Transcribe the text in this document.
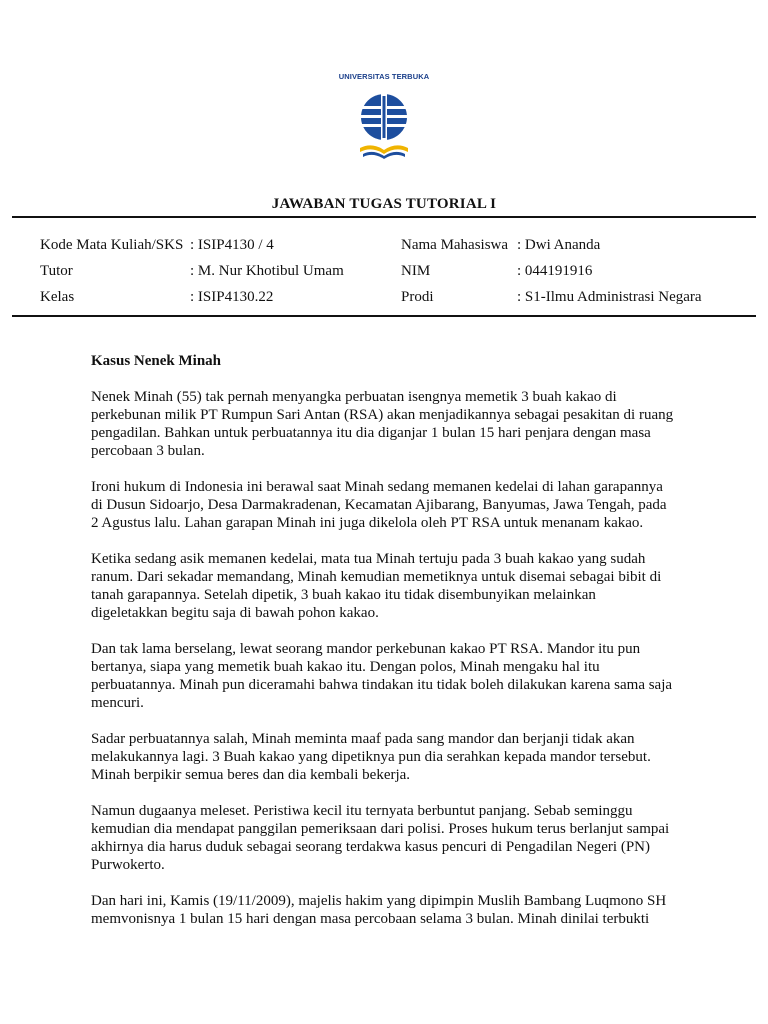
UNIVERSITAS TERBUKA
JAWABAN TUGAS TUTORIAL I
Kode Mata Kuliah/SKS
Tutor
Kelas
: ISIP4130 / 4
: M. Nur Khotibul Umam
: ISIP4130.22
Nama Mahasiswa
NIM
Prodi
: Dwi Ananda
: 044191916
: S1-Ilmu Administrasi Negara
Kasus Nenek Minah

Nenek Minah (55) tak pernah menyangka perbuatan isengnya memetik 3 buah kakao di
perkebunan milik PT Rumpun Sari Antan (RSA) akan menjadikannya sebagai pesakitan di ruang
pengadilan. Bahkan untuk perbuatannya itu dia diganjar 1 bulan 15 hari penjara dengan masa
percobaan 3 bulan.

Ironi hukum di Indonesia ini berawal saat Minah sedang memanen kedelai di lahan garapannya
di Dusun Sidoarjo, Desa Darmakradenan, Kecamatan Ajibarang, Banyumas, Jawa Tengah, pada
2 Agustus lalu. Lahan garapan Minah ini juga dikelola oleh PT RSA untuk menanam kakao.

Ketika sedang asik memanen kedelai, mata tua Minah tertuju pada 3 buah kakao yang sudah
ranum. Dari sekadar memandang, Minah kemudian memetiknya untuk disemai sebagai bibit di
tanah garapannya. Setelah dipetik, 3 buah kakao itu tidak disembunyikan melainkan
digeletakkan begitu saja di bawah pohon kakao.

Dan tak lama berselang, lewat seorang mandor perkebunan kakao PT RSA. Mandor itu pun
bertanya, siapa yang memetik buah kakao itu. Dengan polos, Minah mengaku hal itu
perbuatannya. Minah pun diceramahi bahwa tindakan itu tidak boleh dilakukan karena sama saja
mencuri.

Sadar perbuatannya salah, Minah meminta maaf pada sang mandor dan berjanji tidak akan
melakukannya lagi. 3 Buah kakao yang dipetiknya pun dia serahkan kepada mandor tersebut.
Minah berpikir semua beres dan dia kembali bekerja.

Namun dugaanya meleset. Peristiwa kecil itu ternyata berbuntut panjang. Sebab seminggu
kemudian dia mendapat panggilan pemeriksaan dari polisi. Proses hukum terus berlanjut sampai
akhirnya dia harus duduk sebagai seorang terdakwa kasus pencuri di Pengadilan Negeri (PN)
Purwokerto.

Dan hari ini, Kamis (19/11/2009), majelis hakim yang dipimpin Muslih Bambang Luqmono SH
memvonisnya 1 bulan 15 hari dengan masa percobaan selama 3 bulan. Minah dinilai terbukti
